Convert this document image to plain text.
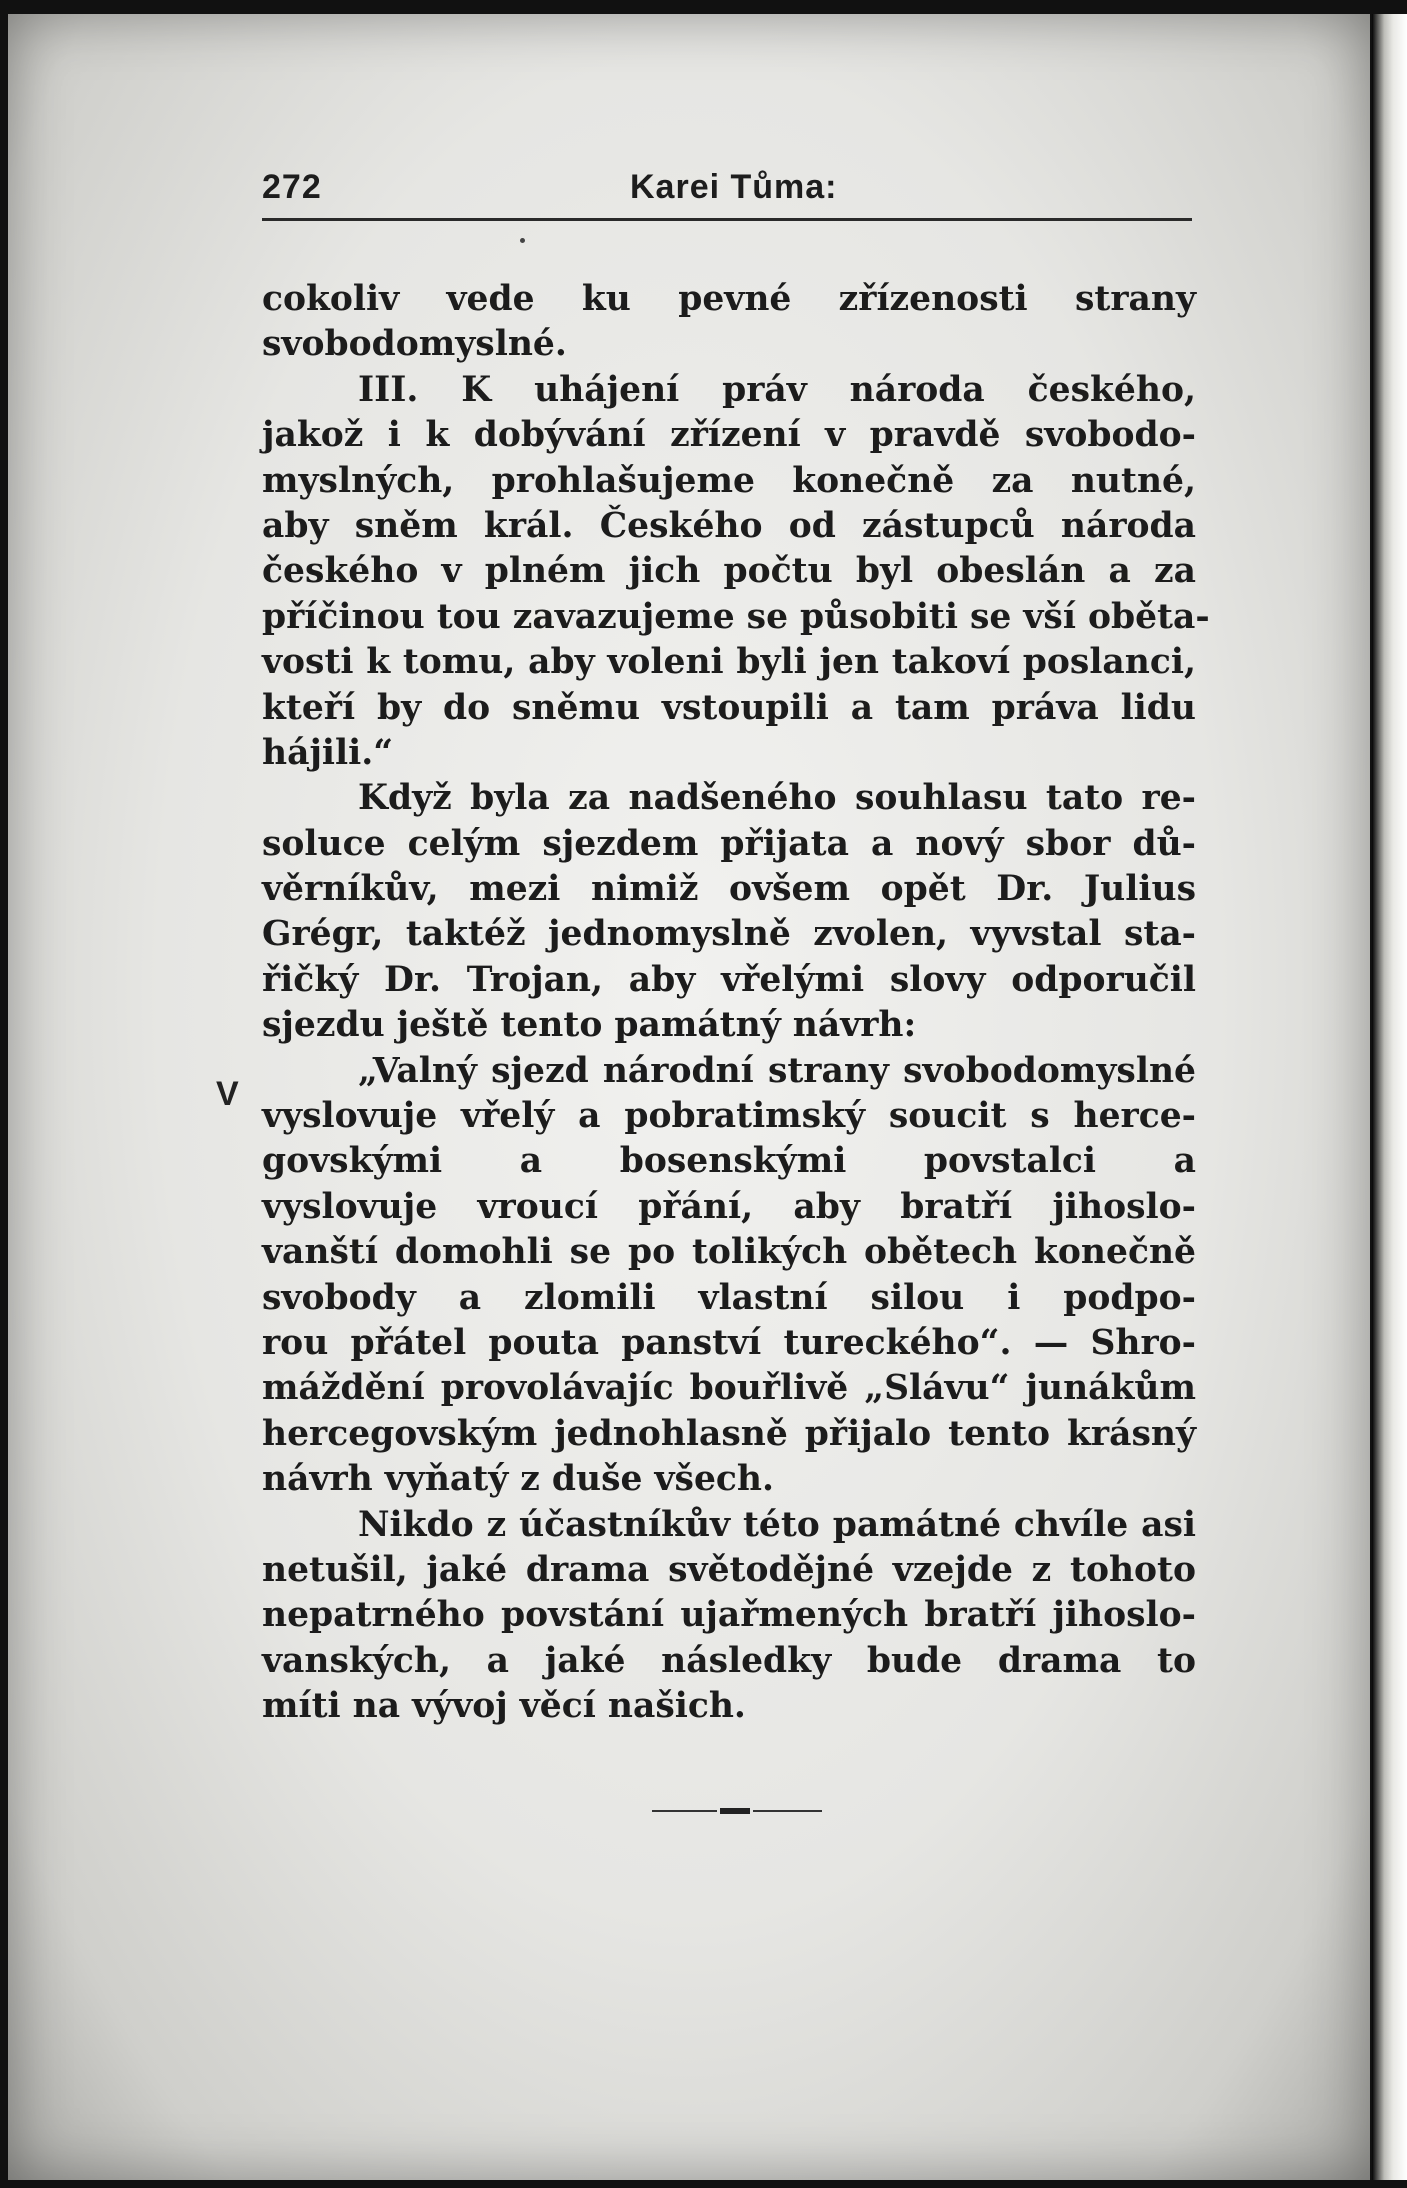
272	Karei Tůma:
V
cokoliv vede ku pevné zřízenosti strany
svobodomyslné.
III. K uhájení práv národa českého,
jakož i k dobývání zřízení v pravdě svobodo-
myslných, prohlašujeme konečně za nutné,
aby sněm král. Českého od zástupců národa
českého v plném jich počtu byl obeslán a za
příčinou tou zavazujeme se působiti se vší oběta-
vosti k tomu, aby voleni byli jen takoví poslanci,
kteří by do sněmu vstoupili a tam práva lidu
hájili.“
Když byla za nadšeného souhlasu tato re-
soluce celým sjezdem přijata a nový sbor dů-
věrníkův, mezi nimiž ovšem opět Dr. Julius
Grégr, taktéž jednomyslně zvolen, vyvstal sta-
řičký Dr. Trojan, aby vřelými slovy odporučil
sjezdu ještě tento památný návrh:
„Valný sjezd národní strany svobodomyslné
vyslovuje vřelý a pobratimský soucit s herce-
govskými a bosenskými povstalci a
vyslovuje vroucí přání, aby bratří jihoslo-
vanští domohli se po tolikých obětech konečně
svobody a zlomili vlastní silou i podpo-
rou přátel pouta panství tureckého“. — Shro-
máždění provolávajíc bouřlivě „Slávu“ junákům
hercegovským jednohlasně přijalo tento krásný
návrh vyňatý z duše všech.
Nikdo z účastníkův této památné chvíle asi
netušil, jaké drama světodějné vzejde z tohoto
nepatrného povstání ujařmených bratří jihoslo-
vanských, a jaké následky bude drama to
míti na vývoj věcí našich.
